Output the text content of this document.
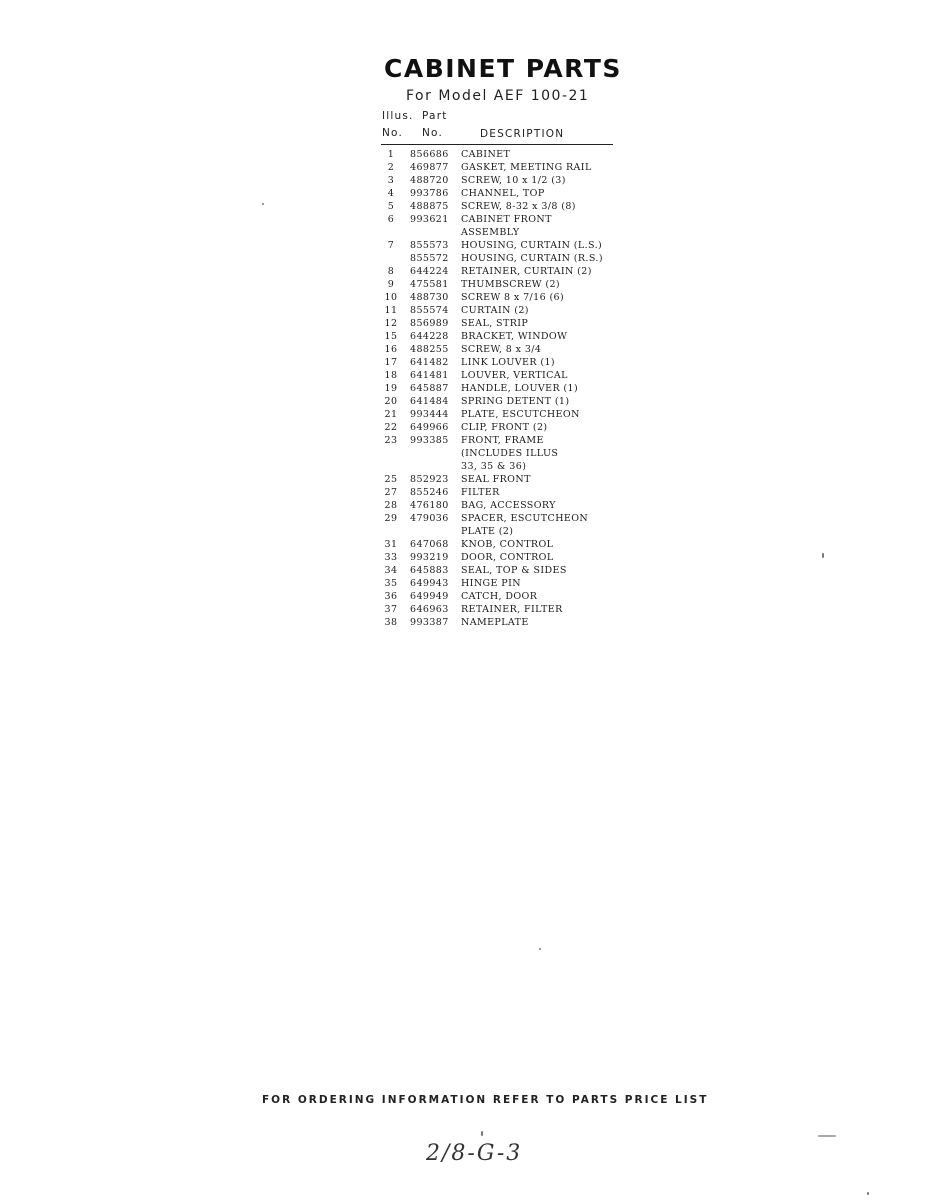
CABINET PARTS
For Model AEF 100-21
Illus. Part
No. No.	DESCRIPTION
1	856686 CABINET
2	469877 GASKET, MEETING RAIL
3	488720 SCREW, 10 x 1/2 (3)
4	993786 CHANNEL, TOP
5	488875 SCREW, 8-32 x 3/8 (8)
6	993621 CABINET FRONT
ASSEMBLY
7	855573 HOUSING, CURTAIN (L.S.)
855572 HOUSING, CURTAIN (R.S.)
8	644224 RETAINER, CURTAIN (2)
9	475581 THUMBSCREW (2)
10 488730 SCREW 8 x 7/16 (6)
11 855574 CURTAIN (2)
12 856989 SEAL, STRIP
15 644228 BRACKET, WINDOW
16 488255 SCREW, 8 x 3/4
17 641482 LINK LOUVER (1)
18 641481 LOUVER, VERTICAL
19 645887 HANDLE, LOUVER (1)
20 641484 SPRING DETENT (1)
21 993444 PLATE, ESCUTCHEON
22 649966 CLIP, FRONT (2)
23 993385 FRONT, FRAME
(INCLUDES ILLUS
33, 35 & 36)
25 852923 SEAL FRONT
27 855246 FILTER
28 476180 BAG, ACCESSORY
29 479036 SPACER, ESCUTCHEON
PLATE (2)
31 647068 KNOB, CONTROL
33 993219 DOOR, CONTROL
34 645883 SEAL, TOP & SIDES
35 649943 HINGE PIN
36 649949 CATCH, DOOR
37 646963 RETAINER, FILTER
38 993387 NAMEPLATE
FOR ORDERING INFORMATION REFER TO PARTS PRICE LIST
2/8-G-3
